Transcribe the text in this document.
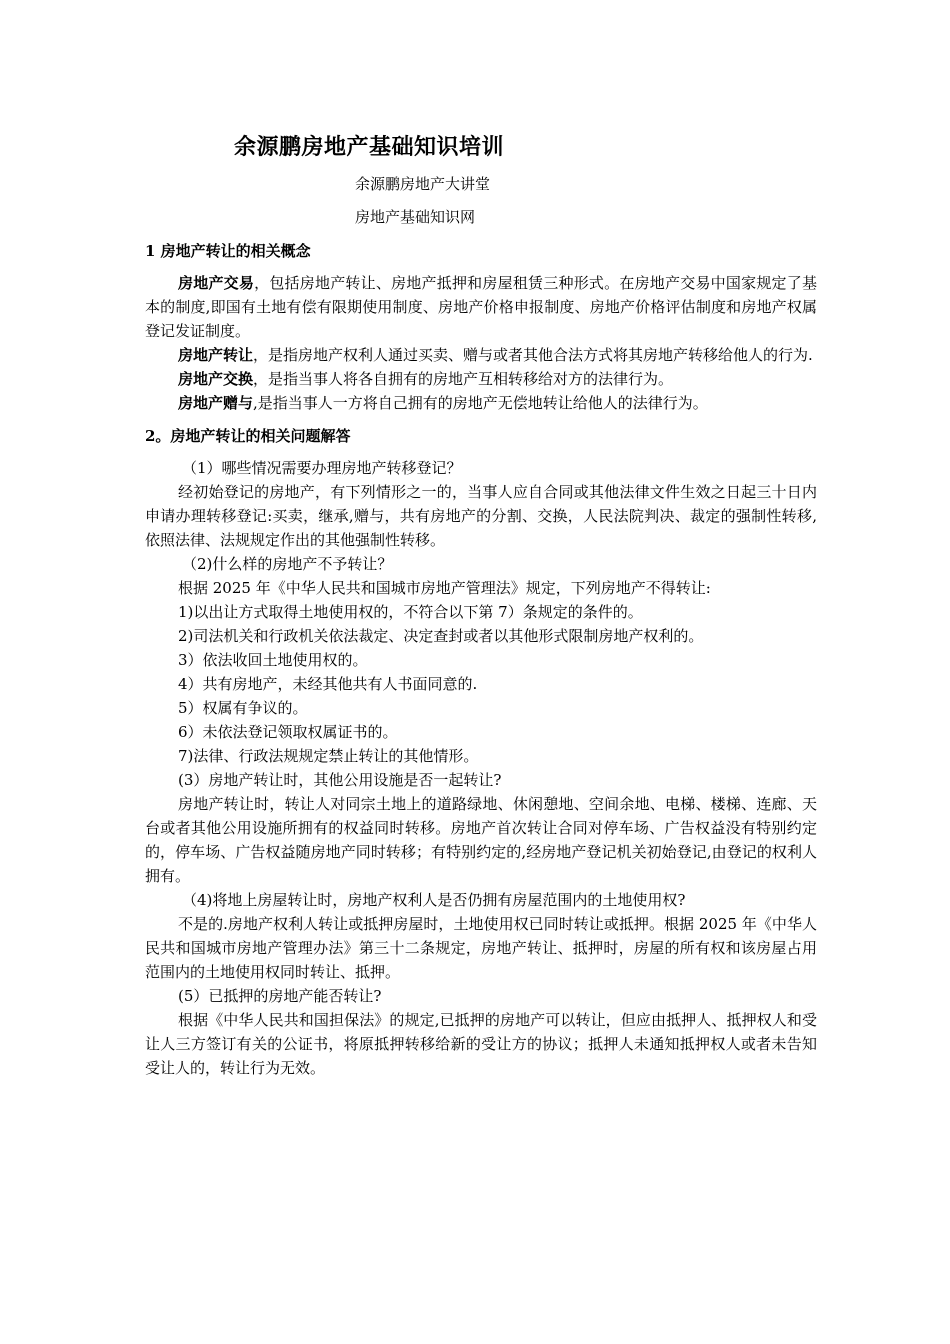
余源鹏房地产基础知识培训
余源鹏房地产大讲堂
房地产基础知识网
1 房地产转让的相关概念

房地产交易，包括房地产转让、房地产抵押和房屋租赁三种形式。在房地产交易中国家规定了基本的制度,即国有土地有偿有限期使用制度、房地产价格申报制度、房地产价格评估制度和房地产权属登记发证制度。

房地产转让，是指房地产权利人通过买卖、赠与或者其他合法方式将其房地产转移给他人的行为.

房地产交换，是指当事人将各自拥有的房地产互相转移给对方的法律行为。

房地产赠与,是指当事人一方将自己拥有的房地产无偿地转让给他人的法律行为。

2。房地产转让的相关问题解答

（1）哪些情况需要办理房地产转移登记？

经初始登记的房地产，有下列情形之一的，当事人应自合同或其他法律文件生效之日起三十日内申请办理转移登记:买卖，继承,赠与，共有房地产的分割、交换，人民法院判决、裁定的强制性转移,依照法律、法规规定作出的其他强制性转移。

（2)什么样的房地产不予转让？

根据 2025 年《中华人民共和国城市房地产管理法》规定，下列房地产不得转让:

1)以出让方式取得土地使用权的，不符合以下第 7）条规定的条件的。

2)司法机关和行政机关依法裁定、决定查封或者以其他形式限制房地产权利的。

3）依法收回土地使用权的。

4）共有房地产，未经其他共有人书面同意的.

5）权属有争议的。

6）未依法登记领取权属证书的。

7)法律、行政法规规定禁止转让的其他情形。

(3）房地产转让时，其他公用设施是否一起转让?

房地产转让时，转让人对同宗土地上的道路绿地、休闲憩地、空间余地、电梯、楼梯、连廊、天台或者其他公用设施所拥有的权益同时转移。房地产首次转让合同对停车场、广告权益没有特别约定的，停车场、广告权益随房地产同时转移；有特别约定的,经房地产登记机关初始登记,由登记的权利人拥有。

（4)将地上房屋转让时，房地产权利人是否仍拥有房屋范围内的土地使用权?

不是的.房地产权利人转让或抵押房屋时，土地使用权已同时转让或抵押。根据 2025 年《中华人民共和国城市房地产管理办法》第三十二条规定，房地产转让、抵押时，房屋的所有权和该房屋占用范围内的土地使用权同时转让、抵押。

(5）已抵押的房地产能否转让?

根据《中华人民共和国担保法》的规定,已抵押的房地产可以转让，但应由抵押人、抵押权人和受让人三方签订有关的公证书，将原抵押转移给新的受让方的协议；抵押人未通知抵押权人或者未告知受让人的，转让行为无效。
